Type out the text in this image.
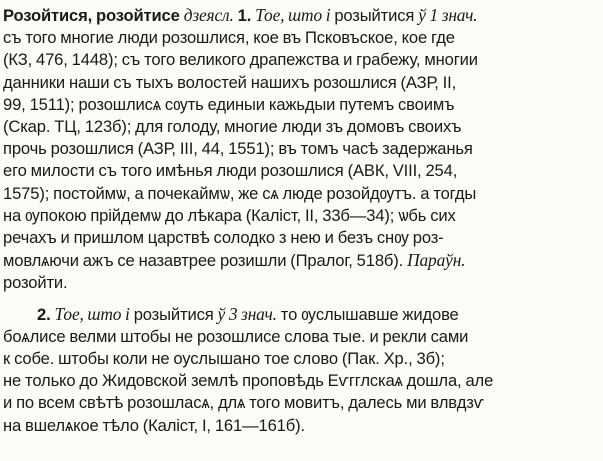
Розойтися, розойтисе дзеясл. 1. Тое, што і розыйтися ў 1 знач.
съ того многие люди розошлися, кое въ Псковъское, кое где
(КЗ, 476, 1448); съ того великого драпежства и грабежу, многии
данники наши съ тыхъ волостей нашихъ розошлися (АЗР, II,
99, 1511); розошлисѧ сѹть единыи кажьдыи путемъ своимъ
(Скар. ТЦ, 123б); для голоду, многие люди зъ домовъ своихъ
прочь розошлися (АЗР, III, 44, 1551); въ томъ часѣ задержанья
его милости съ того имѣнья люди розошлися (АВК, VIII, 254,
1575); постоймѡ, а почекаймѡ, же сѧ люде розойдѹтъ. а тогды
на ѹпокою прійдемѡ до лѣкара (Каліст, II, 33б—34); ѡбь сих
речахъ и пришлом царствѣ солодко з нею и безъ снѹ роз-
мовлѧючи ажъ се назавтрее розишли (Пралог, 518б). Параўн.
розойти.
2. Тое, што і розыйтися ў 3 знач. то ѹслышавше жидове
боѧлисе велми штобы не розошлисе слова тые. и рекли сами
к собе. штобы коли не оуслышано тое слово (Пак. Хр., 3б);
не только до Жидовской землѣ проповѣдь Еѵгглскаѧ дошла, але
и по всем свѣтѣ розошласѧ, длѧ того мовитъ, далесь ми влвдзѵ
на вшелѧкое тѣло (Каліст, I, 161—161б).
